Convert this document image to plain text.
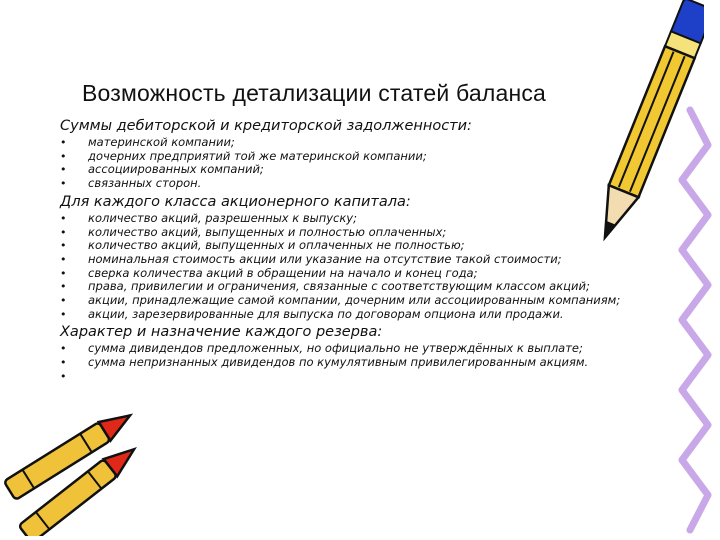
Возможность детализации статей баланса
Суммы дебиторской и кредиторской задолженности:
• материнской компании;
• дочерних предприятий той же материнской компании;
• ассоциированных компаний;
• связанных сторон.
Для каждого класса акционерного капитала:
• количество акций, разрешенных к выпуску;
• количество акций, выпущенных и полностью оплаченных;
• количество акций, выпущенных и оплаченных не полностью;
• номинальная стоимость акции или указание на отсутствие такой стоимости;
• сверка количества акций в обращении на начало и конец года;
• права, привилегии и ограничения, связанные с соответствующим классом акций;
• акции, принадлежащие самой компании, дочерним или ассоциированным компаниям;
• акции, зарезервированные для выпуска по договорам опциона или продажи.
Характер и назначение каждого резерва:
• сумма дивидендов предложенных, но официально не утверждённых к выплате;
• сумма непризнанных дивидендов по кумулятивным привилегированным акциям.
•
